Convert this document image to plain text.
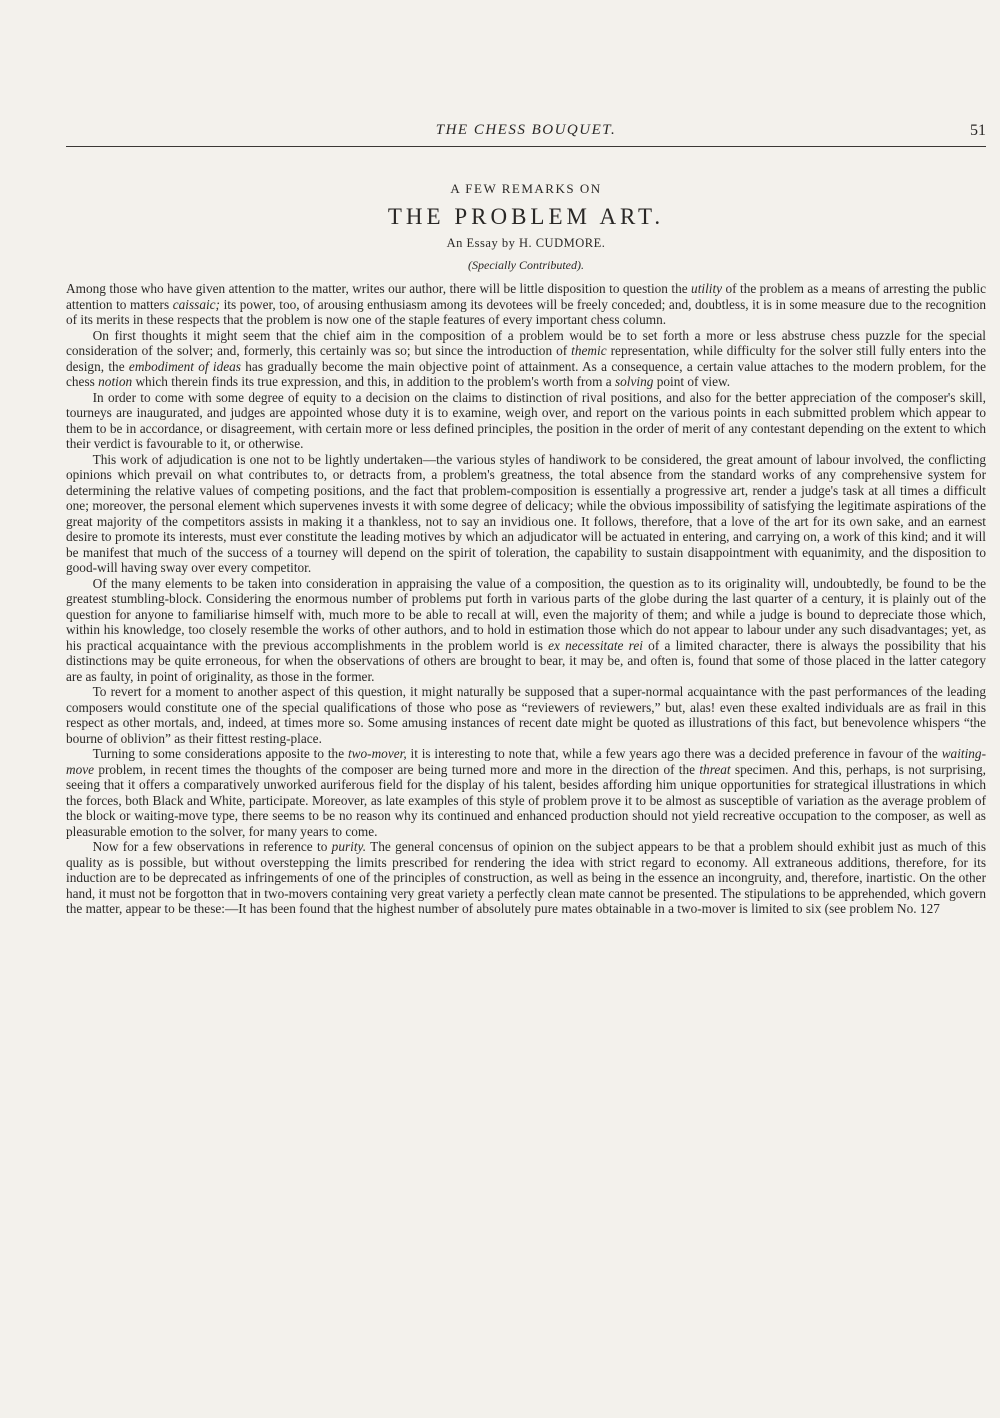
THE CHESS BOUQUET.	51
A FEW REMARKS ON
THE PROBLEM ART.
An Essay by H. CUDMORE.
(Specially Contributed).

Among those who have given attention to the matter, writes our author, there will be little disposition to question the utility of the problem as a means of arresting the public attention to matters caissaic; its power, too, of arousing enthusiasm among its devotees will be freely conceded; and, doubtless, it is in some measure due to the recognition of its merits in these respects that the problem is now one of the staple features of every important chess column.

On first thoughts it might seem that the chief aim in the composition of a problem would be to set forth a more or less abstruse chess puzzle for the special consideration of the solver; and, formerly, this certainly was so; but since the introduction of themic representation, while difficulty for the solver still fully enters into the design, the embodiment of ideas has gradually become the main objective point of attainment. As a consequence, a certain value attaches to the modern problem, for the chess notion which therein finds its true expression, and this, in addition to the problem's worth from a solving point of view.

In order to come with some degree of equity to a decision on the claims to distinction of rival positions, and also for the better appreciation of the composer's skill, tourneys are inaugurated, and judges are appointed whose duty it is to examine, weigh over, and report on the various points in each submitted problem which appear to them to be in accordance, or disagreement, with certain more or less defined principles, the position in the order of merit of any contestant depending on the extent to which their verdict is favourable to it, or otherwise.

This work of adjudication is one not to be lightly undertaken—the various styles of handiwork to be considered, the great amount of labour involved, the conflicting opinions which prevail on what contributes to, or detracts from, a problem's greatness, the total absence from the standard works of any comprehensive system for determining the relative values of competing positions, and the fact that problem-composition is essentially a progressive art, render a judge's task at all times a difficult one; moreover, the personal element which supervenes invests it with some degree of delicacy; while the obvious impossibility of satisfying the legitimate aspirations of the great majority of the competitors assists in making it a thankless, not to say an invidious one. It follows, therefore, that a love of the art for its own sake, and an earnest desire to promote its interests, must ever constitute the leading motives by which an adjudicator will be actuated in entering, and carrying on, a work of this kind; and it will be manifest that much of the success of a tourney will depend on the spirit of toleration, the capability to sustain disappointment with equanimity, and the disposition to good-will having sway over every competitor.

Of the many elements to be taken into consideration in appraising the value of a composition, the question as to its originality will, undoubtedly, be found to be the greatest stumbling-block. Considering the enormous number of problems put forth in various parts of the globe during the last quarter of a century, it is plainly out of the question for anyone to familiarise himself with, much more to be able to recall at will, even the majority of them; and while a judge is bound to depreciate those which, within his knowledge, too closely resemble the works of other authors, and to hold in estimation those which do not appear to labour under any such disadvantages; yet, as his practical acquaintance with the previous accomplishments in the problem world is ex necessitate rei of a limited character, there is always the possibility that his distinctions may be quite erroneous, for when the observations of others are brought to bear, it may be, and often is, found that some of those placed in the latter category are as faulty, in point of originality, as those in the former.

To revert for a moment to another aspect of this question, it might naturally be supposed that a super-normal acquaintance with the past performances of the leading composers would constitute one of the special qualifications of those who pose as “reviewers of reviewers,” but, alas! even these exalted individuals are as frail in this respect as other mortals, and, indeed, at times more so. Some amusing instances of recent date might be quoted as illustrations of this fact, but benevolence whispers “the bourne of oblivion” as their fittest resting-place.

Turning to some considerations apposite to the two-mover, it is interesting to note that, while a few years ago there was a decided preference in favour of the waiting-move problem, in recent times the thoughts of the composer are being turned more and more in the direction of the threat specimen. And this, perhaps, is not surprising, seeing that it offers a comparatively unworked auriferous field for the display of his talent, besides affording him unique opportunities for strategical illustrations in which the forces, both Black and White, participate. Moreover, as late examples of this style of problem prove it to be almost as susceptible of variation as the average problem of the block or waiting-move type, there seems to be no reason why its continued and enhanced production should not yield recreative occupation to the composer, as well as pleasurable emotion to the solver, for many years to come.

Now for a few observations in reference to purity. The general concensus of opinion on the subject appears to be that a problem should exhibit just as much of this quality as is possible, but without overstepping the limits prescribed for rendering the idea with strict regard to economy. All extraneous additions, therefore, for its induction are to be deprecated as infringements of one of the principles of construction, as well as being in the essence an incongruity, and, therefore, inartistic. On the other hand, it must not be forgotton that in two-movers containing very great variety a perfectly clean mate cannot be presented. The stipulations to be apprehended, which govern the matter, appear to be these:—It has been found that the highest number of absolutely pure mates obtainable in a two-mover is limited to six (see problem No. 127
